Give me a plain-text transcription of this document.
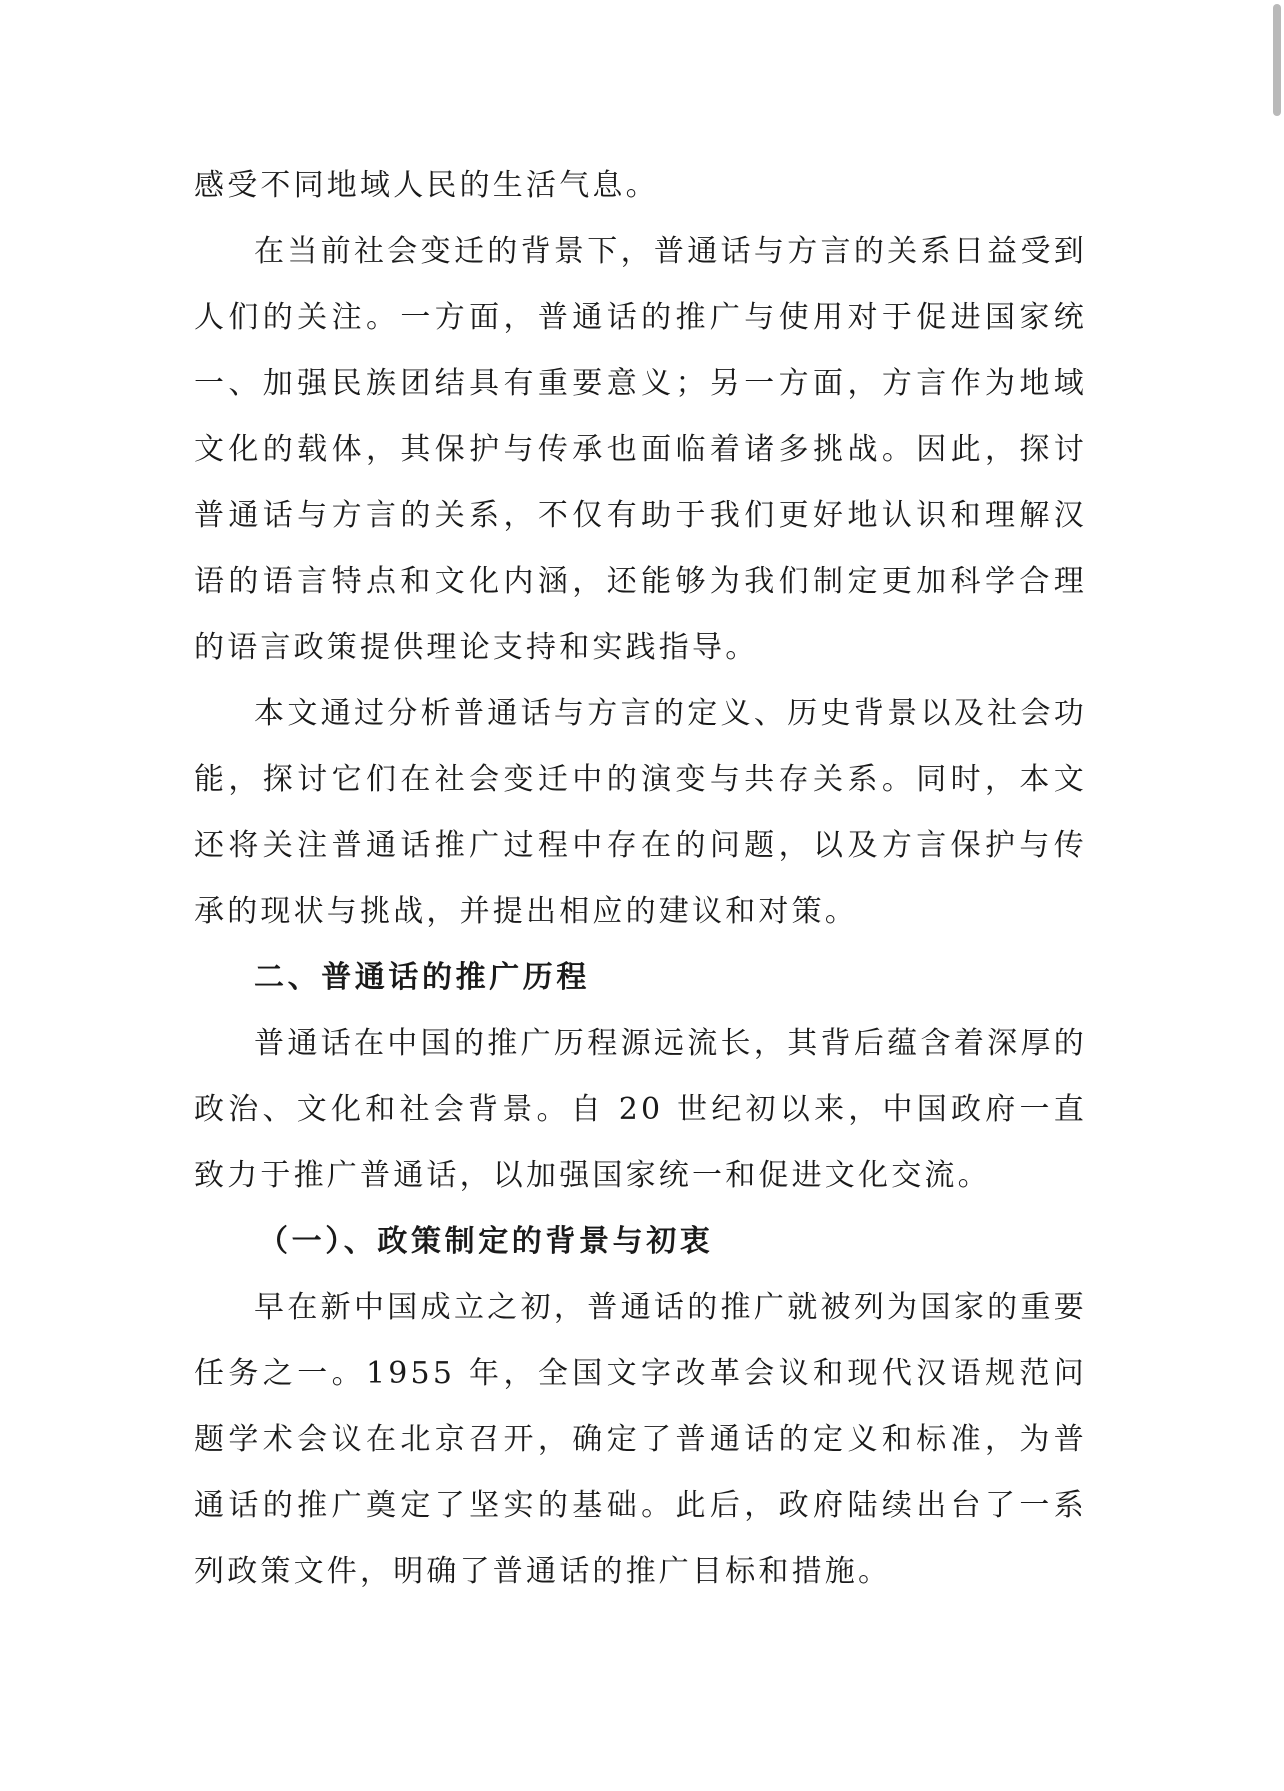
感受不同地域人民的生活气息。

在当前社会变迁的背景下，普通话与方言的关系日益受到人们的关注。一方面，普通话的推广与使用对于促进国家统一、加强民族团结具有重要意义；另一方面，方言作为地域文化的载体，其保护与传承也面临着诸多挑战。因此，探讨普通话与方言的关系，不仅有助于我们更好地认识和理解汉语的语言特点和文化内涵，还能够为我们制定更加科学合理的语言政策提供理论支持和实践指导。

本文通过分析普通话与方言的定义、历史背景以及社会功能，探讨它们在社会变迁中的演变与共存关系。同时，本文还将关注普通话推广过程中存在的问题，以及方言保护与传承的现状与挑战，并提出相应的建议和对策。

二、普通话的推广历程

普通话在中国的推广历程源远流长，其背后蕴含着深厚的政治、文化和社会背景。自 20 世纪初以来，中国政府一直致力于推广普通话，以加强国家统一和促进文化交流。

（一）、政策制定的背景与初衷

早在新中国成立之初，普通话的推广就被列为国家的重要任务之一。1955 年，全国文字改革会议和现代汉语规范问题学术会议在北京召开，确定了普通话的定义和标准，为普通话的推广奠定了坚实的基础。此后，政府陆续出台了一系列政策文件，明确了普通话的推广目标和措施。
